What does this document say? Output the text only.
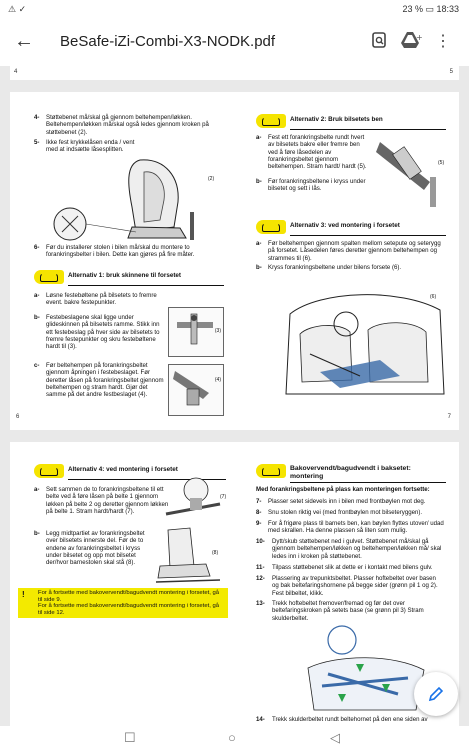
⚠ ✓	23 % ▭ 18:33
← BeSafe-iZi-Combi-X3-NODK.pdf	+ ⋮
4	5
4- Støttebenet må/skal gå gjennom beltehempen/løkken. Beltehempen/løkken må/skal også ledes gjennom kroken på støttebenet (2).
5- Ikke fest krykkelåsen enda / vent med at indsætte låsesplitten.
(2)
6- Før du installerer stolen i bilen må/skal du montere to forankringsbelter i bilen. Dette kan gjøres på fire måter.
Alternativ 1: bruk skinnene til forsetet
a- Løsne festebøltene på bilsetets to fremre event. bakre festepunkter.
b- Festebeslagene skal ligge under glideskinnen på bilsetets ramme. Stikk inn ett festebeslag på hver side av bilsetets to fremre festepunkter og skru festebøltene hardt til (3).
c- Før beltehempen på forankringsbeltet gjennom åpningen i festebeslaget. Før deretter låsen på forankringsbeltet gjennom beltehempen og stram hardt. Gjør det samme på det andre festbeslaget (4).
(3)
(4)
6
Alternativ 2: Bruk bilsetets ben
a- Fest ett forankringsbelte rundt hvert av bilsetets bakre eller fremre ben ved å føre låsedelen av forankringsbeltet gjennom beltehempen. Stram hardt/ hardt (5).
b- Før forankringsbeltene i kryss under bilsetet og sett i lås.
(5)
Alternativ 3: ved montering i forsetet
a- Før beltehempen gjennom spalten mellom setepute og seterygg på forsetet. Låsedelen føres deretter gjennom beltehempen og strammes til (6).
b- Kryss forankringsbeltene under bilens forsete (6).
(6)
7
Alternativ 4: ved montering i forsetet
a- Sett sammen de to forankringsbeltene til ett belte ved å føre låsen på belte 1 gjennom løkken på belte 2 og deretter gjennom løkken på belte 1. Stram hardt/hardt (7).
b- Legg midtpartiet av forankringsbeltet over bilsetets innerste del. Før de to endene av forankringsbeltet i kryss under bilsetet og opp mot bilsetet der/hvor barnestolen skal stå (8).
(7)
(8)
! For å fortsette med bakovervendt/bagudvendt montering i forsetet, gå til side 9.
For å fortsette med bakovervendt/bagudvendt montering i forsetet, gå til side 12.
Bakovervendt/bagudvendt i baksetet: montering
Med forankringsbeltene på plass kan monteringen fortsette:
7- Plasser setet sidevels inn i bilen med frontbøylen mot deg.
8- Snu stolen riktig vei (med frontbøylen mot bilseteryggen).
9- For å frigøre plass til barnets ben, kan bøylen flyttes utover/ udad med skrallen. Ha denne plassen så liten som mulig.
10- Dytt/skub støttebenet ned i gulvet. Støttebenet må/skal gå gjennom beltehempen/løkken og beltehempen/løkken må/ skal ledes inn i kroken på støttebenet.
11- Tilpass støttebenet slik at dette er i kontakt med bilens gulv.
12- Plassering av trepunktsbeltet. Plasser hoftebeltet over basen og bak beltefaringshornene på begge sider (grønn pil 1 og 2). Fest bilbeltet, klikk.
13- Trekk hoftebeltet fremover/fremad og før det over beltefaringskroken på setets base (se grønn pil 3) Stram skulderbeltet.
14- Trekk skulderbeltet rundt beltehornet på den ene siden av
☐	○	◁
